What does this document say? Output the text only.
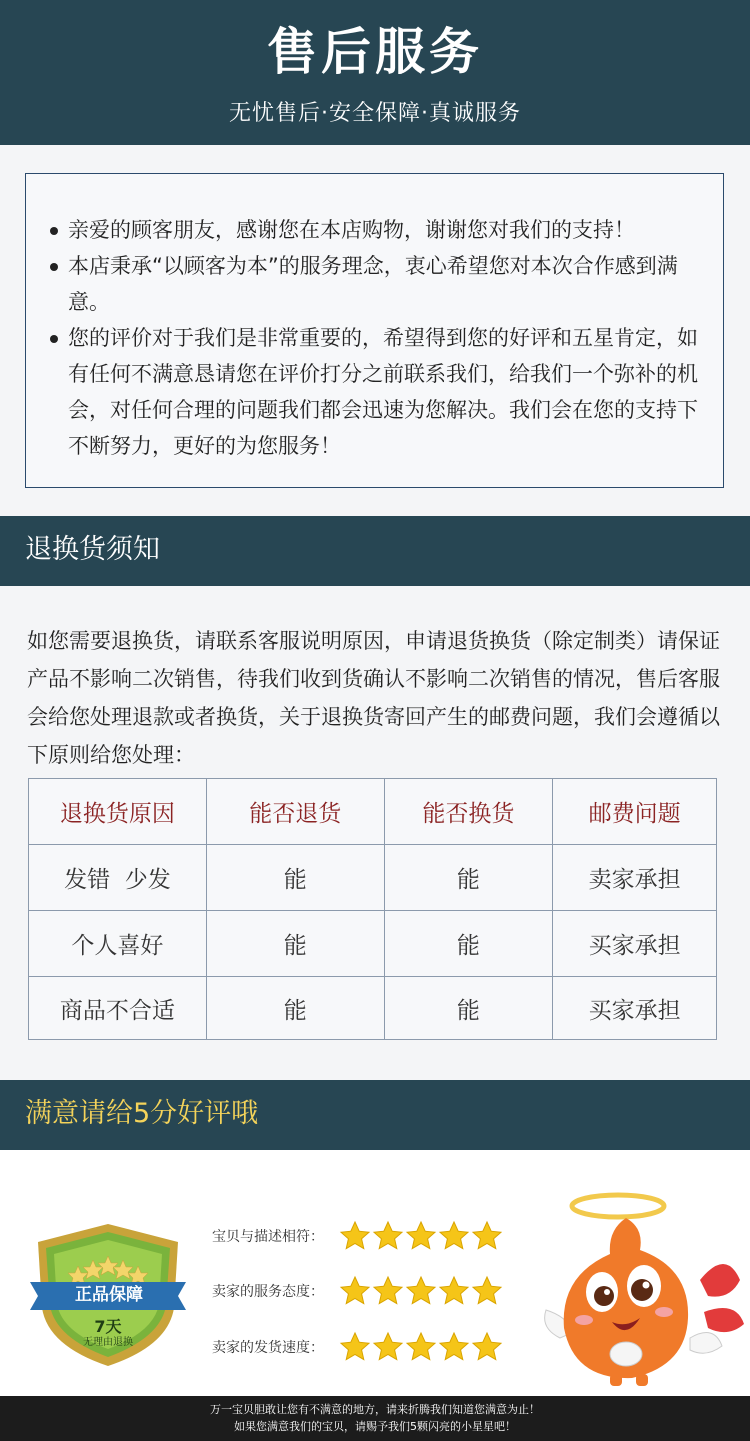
售后服务

无忧售后·安全保障·真诚服务

亲爱的顾客朋友，感谢您在本店购物，谢谢您对我们的支持！
本店秉承“以顾客为本”的服务理念，衷心希望您对本次合作感到满意。
您的评价对于我们是非常重要的，希望得到您的好评和五星肯定，如有任何不满意恳请您在评价打分之前联系我们，给我们一个弥补的机会，对任何合理的问题我们都会迅速为您解决。我们会在您的支持下不断努力，更好的为您服务！
退换货须知
如您需要退换货，请联系客服说明原因，申请退货换货（除定制类）请保证产品不影响二次销售，待我们收到货确认不影响二次销售的情况，售后客服会给您处理退款或者换货，关于退换货寄回产生的邮费问题，我们会遵循以下原则给您处理：
退换货原因	能否退货	能否换货	邮费问题
发错  少发	能	能	卖家承担
个人喜好	能	能	买家承担
商品不合适	能	能	买家承担
满意请给5分好评哦
正品保障
7天
无理由退换
宝贝与描述相符：
卖家的服务态度：
卖家的发货速度：
万一宝贝胆敢让您有不满意的地方，请来折腾我们知道您满意为止！
如果您满意我们的宝贝，请赐予我们5颗闪亮的小星星吧！
